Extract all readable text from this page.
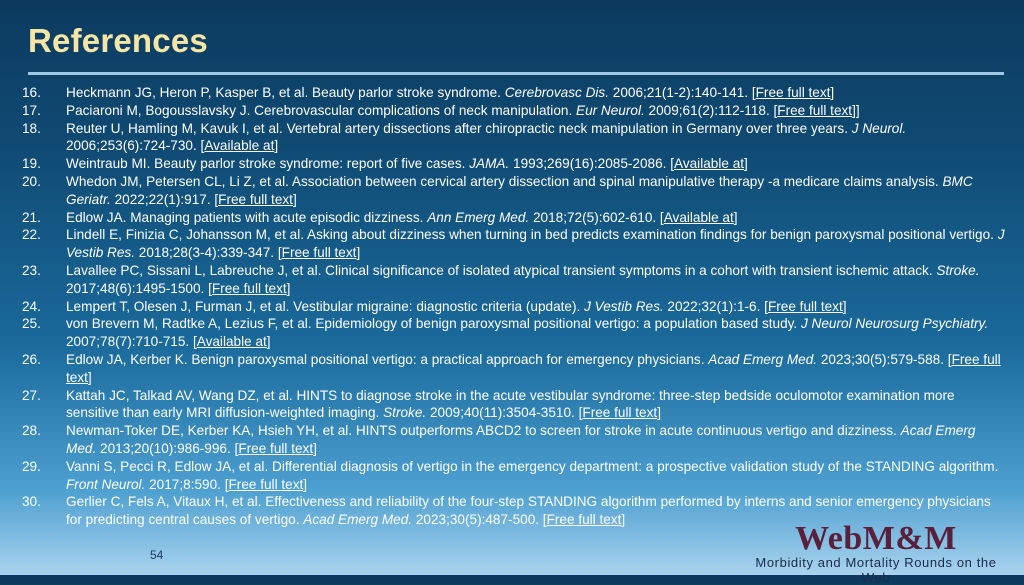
References
16.	Heckmann JG, Heron P, Kasper B, et al. Beauty parlor stroke syndrome. Cerebrovasc Dis. 2006;21(1-2):140-141. [Free full text]
17.	Paciaroni M, Bogousslavsky J. Cerebrovascular complications of neck manipulation. Eur Neurol. 2009;61(2):112-118. [Free full text]]
18.	Reuter U, Hamling M, Kavuk I, et al. Vertebral artery dissections after chiropractic neck manipulation in Germany over three years. J Neurol. 2006;253(6):724-730. [Available at]
19.	Weintraub MI. Beauty parlor stroke syndrome: report of five cases. JAMA. 1993;269(16):2085-2086. [Available at]
20.	Whedon JM, Petersen CL, Li Z, et al. Association between cervical artery dissection and spinal manipulative therapy -a medicare claims analysis. BMC Geriatr. 2022;22(1):917. [Free full text]
21.	Edlow JA. Managing patients with acute episodic dizziness. Ann Emerg Med. 2018;72(5):602-610. [Available at]
22.	Lindell E, Finizia C, Johansson M, et al. Asking about dizziness when turning in bed predicts examination findings for benign paroxysmal positional vertigo. J Vestib Res. 2018;28(3-4):339-347. [Free full text]
23.	Lavallee PC, Sissani L, Labreuche J, et al. Clinical significance of isolated atypical transient symptoms in a cohort with transient ischemic attack. Stroke. 2017;48(6):1495-1500. [Free full text]
24.	Lempert T, Olesen J, Furman J, et al. Vestibular migraine: diagnostic criteria (update). J Vestib Res. 2022;32(1):1-6. [Free full text]
25.	von Brevern M, Radtke A, Lezius F, et al. Epidemiology of benign paroxysmal positional vertigo: a population based study. J Neurol Neurosurg Psychiatry. 2007;78(7):710-715. [Available at]
26.	Edlow JA, Kerber K. Benign paroxysmal positional vertigo: a practical approach for emergency physicians. Acad Emerg Med. 2023;30(5):579-588. [Free full text]
27.	Kattah JC, Talkad AV, Wang DZ, et al. HINTS to diagnose stroke in the acute vestibular syndrome: three-step bedside oculomotor examination more sensitive than early MRI diffusion-weighted imaging. Stroke. 2009;40(11):3504-3510. [Free full text]
28.	Newman-Toker DE, Kerber KA, Hsieh YH, et al. HINTS outperforms ABCD2 to screen for stroke in acute continuous vertigo and dizziness. Acad Emerg Med. 2013;20(10):986-996. [Free full text]
29.	Vanni S, Pecci R, Edlow JA, et al. Differential diagnosis of vertigo in the emergency department: a prospective validation study of the STANDING algorithm. Front Neurol. 2017;8:590. [Free full text]
30.	Gerlier C, Fels A, Vitaux H, et al. Effectiveness and reliability of the four-step STANDING algorithm performed by interns and senior emergency physicians for predicting central causes of vertigo. Acad Emerg Med. 2023;30(5):487-500. [Free full text]
54	WebM&M
Morbidity and Mortality Rounds on the Web
